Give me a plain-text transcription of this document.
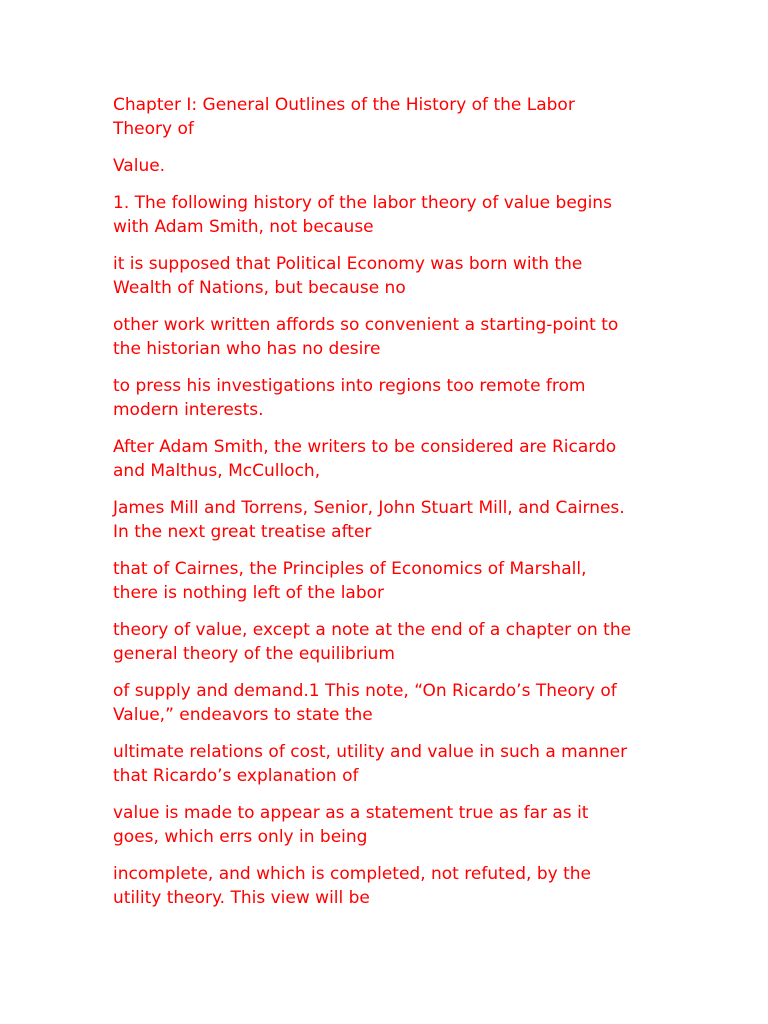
Chapter I: General Outlines of the History of the Labor
Theory of

Value.

1. The following history of the labor theory of value begins
with Adam Smith, not because

it is supposed that Political Economy was born with the
Wealth of Nations, but because no

other work written affords so convenient a starting-point to
the historian who has no desire

to press his investigations into regions too remote from
modern interests.

After Adam Smith, the writers to be considered are Ricardo
and Malthus, McCulloch,

James Mill and Torrens, Senior, John Stuart Mill, and Cairnes.
In the next great treatise after

that of Cairnes, the Principles of Economics of Marshall,
there is nothing left of the labor

theory of value, except a note at the end of a chapter on the
general theory of the equilibrium

of supply and demand.1 This note, “On Ricardo’s Theory of
Value,” endeavors to state the

ultimate relations of cost, utility and value in such a manner
that Ricardo’s explanation of

value is made to appear as a statement true as far as it
goes, which errs only in being

incomplete, and which is completed, not refuted, by the
utility theory. This view will be
